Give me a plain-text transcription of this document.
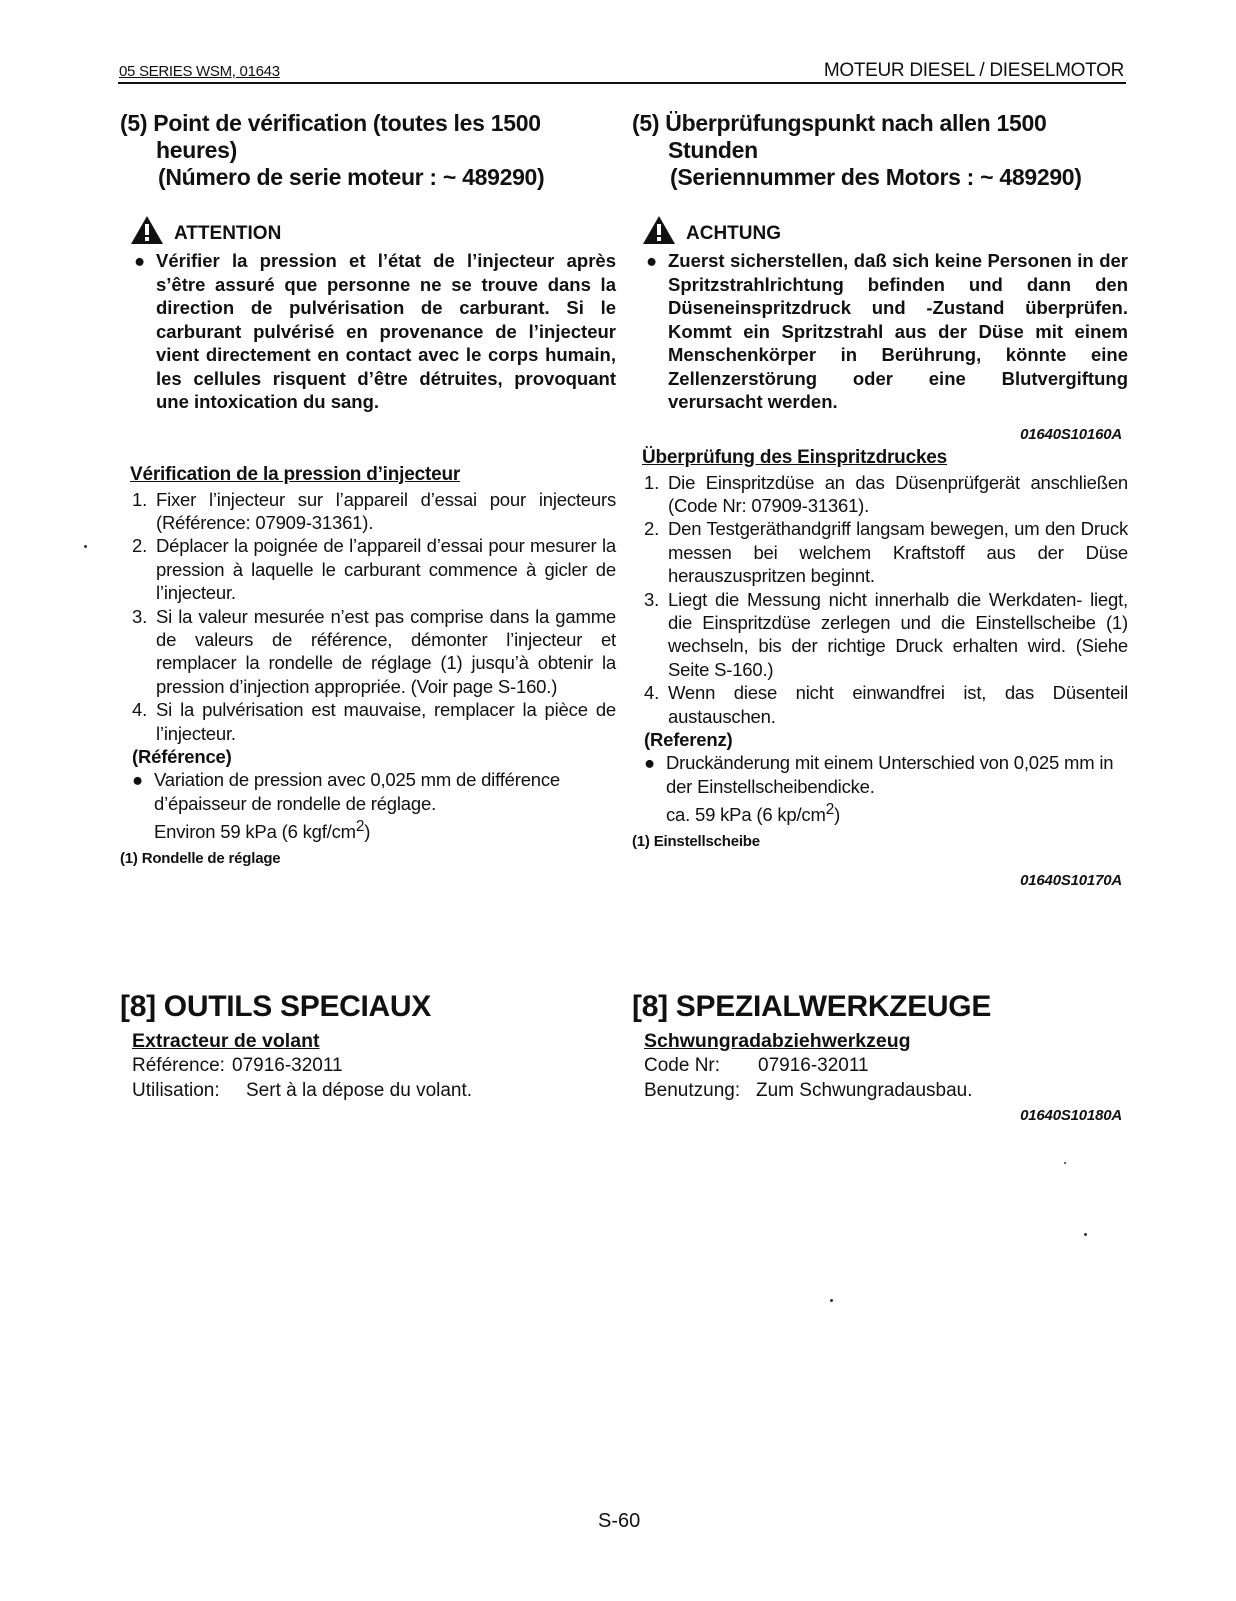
05 SERIES WSM, 01643	MOTEUR DIESEL / DIESELMOTOR
(5) Point de vérification (toutes les 1500
heures)
(Número de serie moteur : ~ 489290)
ATTENTION
● Vérifier la pression et l’état de l’injecteur après s’être assuré que personne ne se trouve dans la direction de pulvérisation de carburant. Si le carburant pulvérisé en provenance de l’injecteur vient directement en contact avec le corps humain, les cellules risquent d’être détruites, provoquant une intoxication du sang.
Vérification de la pression d’injecteur
1. Fixer l’injecteur sur l’appareil d’essai pour injecteurs (Référence: 07909-31361).
2. Déplacer la poignée de l’appareil d’essai pour mesurer la pression à laquelle le carburant commence à gicler de l’injecteur.
3. Si la valeur mesurée n’est pas comprise dans la gamme de valeurs de référence, démonter l’injecteur et remplacer la rondelle de réglage (1) jusqu’à obtenir la pression d’injection appropriée. (Voir page S-160.)
4. Si la pulvérisation est mauvaise, remplacer la pièce de l’injecteur.
(Référence)
● Variation de pression avec 0,025 mm de différence d’épaisseur de rondelle de réglage.
Environ 59 kPa (6 kgf/$cm^2$)
(1) Rondelle de réglage
(5) Überprüfungspunkt nach allen 1500
Stunden
(Seriennummer des Motors : ~ 489290)
ACHTUNG
● Zuerst sicherstellen, daß sich keine Personen in der Spritzstrahlrichtung befinden und dann den Düseneinspritzdruck und -Zustand überprüfen. Kommt ein Spritzstrahl aus der Düse mit einem Menschenkörper in Berührung, könnte eine Zellenzerstörung oder eine Blutvergiftung verursacht werden.
01640S10160A
Überprüfung des Einspritzdruckes
1. Die Einspritzdüse an das Düsenprüfgerät anschließen (Code Nr: 07909-31361).
2. Den Testgeräthandgriff langsam bewegen, um den Druck messen bei welchem Kraftstoff aus der Düse herauszuspritzen beginnt.
3. Liegt die Messung nicht innerhalb die Werkdaten- liegt, die Einspritzdüse zerlegen und die Einstellscheibe (1) wechseln, bis der richtige Druck erhalten wird. (Siehe Seite S-160.)
4. Wenn diese nicht einwandfrei ist, das Düsenteil austauschen.
(Referenz)
● Druckänderung mit einem Unterschied von 0,025 mm in der Einstellscheibendicke.
ca. 59 kPa (6 $kp/cm^2$)
(1) Einstellscheibe
01640S10170A
[8] OUTILS SPECIAUX
Extracteur de volant
Référence: 07916-32011
Utilisation:	Sert à la dépose du volant.
[8] SPEZIALWERKZEUGE
Schwungradabziehwerkzeug
Code Nr:	07916-32011
Benutzung: Zum Schwungradausbau.
01640S10180A
S-60
